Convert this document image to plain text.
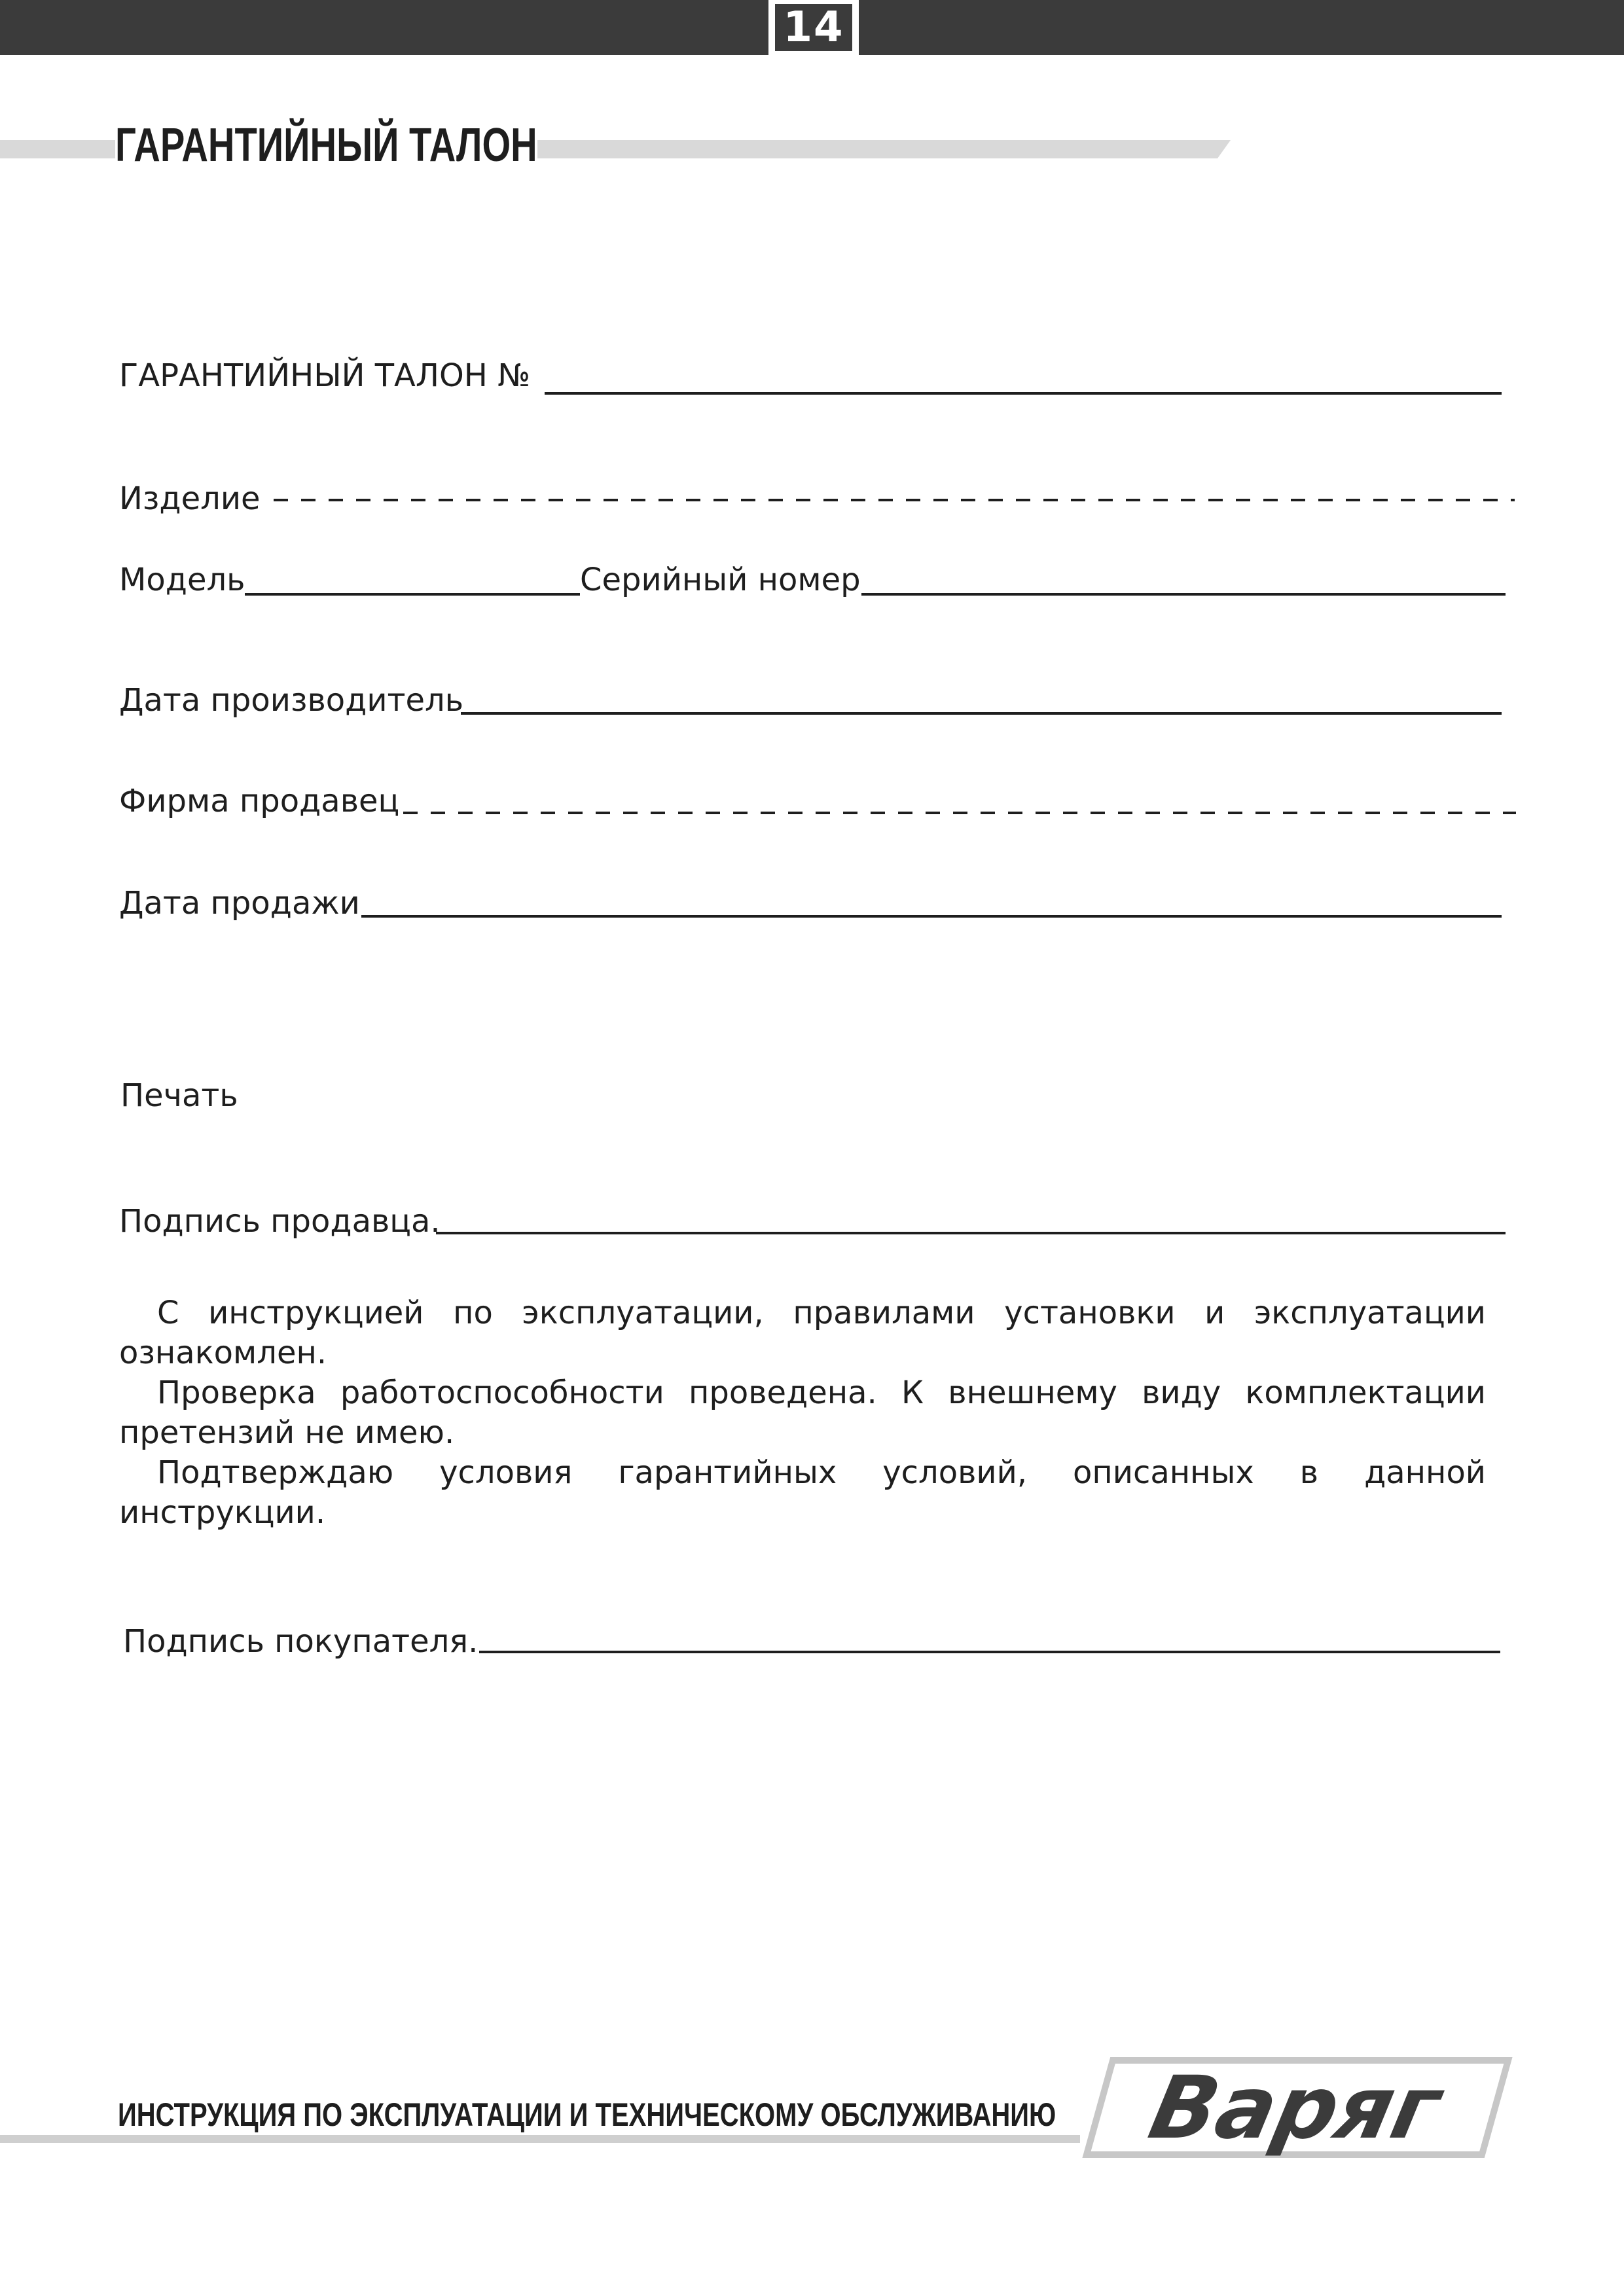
14
ГАРАНТИЙНЫЙ ТАЛОН
ГАРАНТИЙНЫЙ ТАЛОН №
Изделие
Модель	Серийный номер
Дата производитель
Фирма продавец
Дата продажи
Печать
Подпись продавца.

С инструкцией по эксплуатации, правилами установки и эксплуатации ознакомлен.

Проверка работоспособности проведена. К внешнему виду комплектации претензий не имею.

Подтверждаю условия гарантийных условий, описанных в данной инструкции.

Подпись покупателя.
ИНСТРУКЦИЯ ПО ЭКСПЛУАТАЦИИ И ТЕХНИЧЕСКОМУ ОБСЛУЖИВАНИЮ Варяг
